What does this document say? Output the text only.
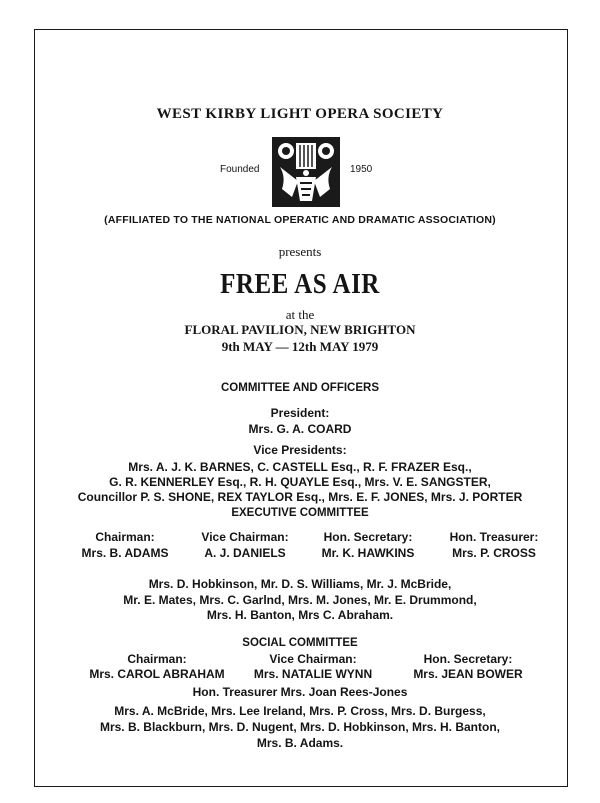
WEST KIRBY LIGHT OPERA SOCIETY
Founded	1950
(AFFILIATED TO THE NATIONAL OPERATIC AND DRAMATIC ASSOCIATION)
presents
FREE AS AIR
at the
FLORAL PAVILION, NEW BRIGHTON
9th MAY — 12th MAY 1979
COMMITTEE AND OFFICERS
President:
Mrs. G. A. COARD
Vice Presidents:
Mrs. A. J. K. BARNES, C. CASTELL Esq., R. F. FRAZER Esq.,
G. R. KENNERLEY Esq., R. H. QUAYLE Esq., Mrs. V. E. SANGSTER,
Councillor P. S. SHONE, REX TAYLOR Esq., Mrs. E. F. JONES, Mrs. J. PORTER
EXECUTIVE COMMITTEE
Chairman:
Mrs. B. ADAMS
Vice Chairman:
A. J. DANIELS
Hon. Secretary:
Mr. K. HAWKINS
Hon. Treasurer:
Mrs. P. CROSS
Mrs. D. Hobkinson, Mr. D. S. Williams, Mr. J. McBride,
Mr. E. Mates, Mrs. C. Garlnd, Mrs. M. Jones, Mr. E. Drummond,
Mrs. H. Banton, Mrs C. Abraham.
SOCIAL COMMITTEE
Chairman:
Mrs. CAROL ABRAHAM
Vice Chairman:
Mrs. NATALIE WYNN
Hon. Secretary:
Mrs. JEAN BOWER
Hon. Treasurer Mrs. Joan Rees-Jones
Mrs. A. McBride, Mrs. Lee Ireland, Mrs. P. Cross, Mrs. D. Burgess,
Mrs. B. Blackburn, Mrs. D. Nugent, Mrs. D. Hobkinson, Mrs. H. Banton,
Mrs. B. Adams.
